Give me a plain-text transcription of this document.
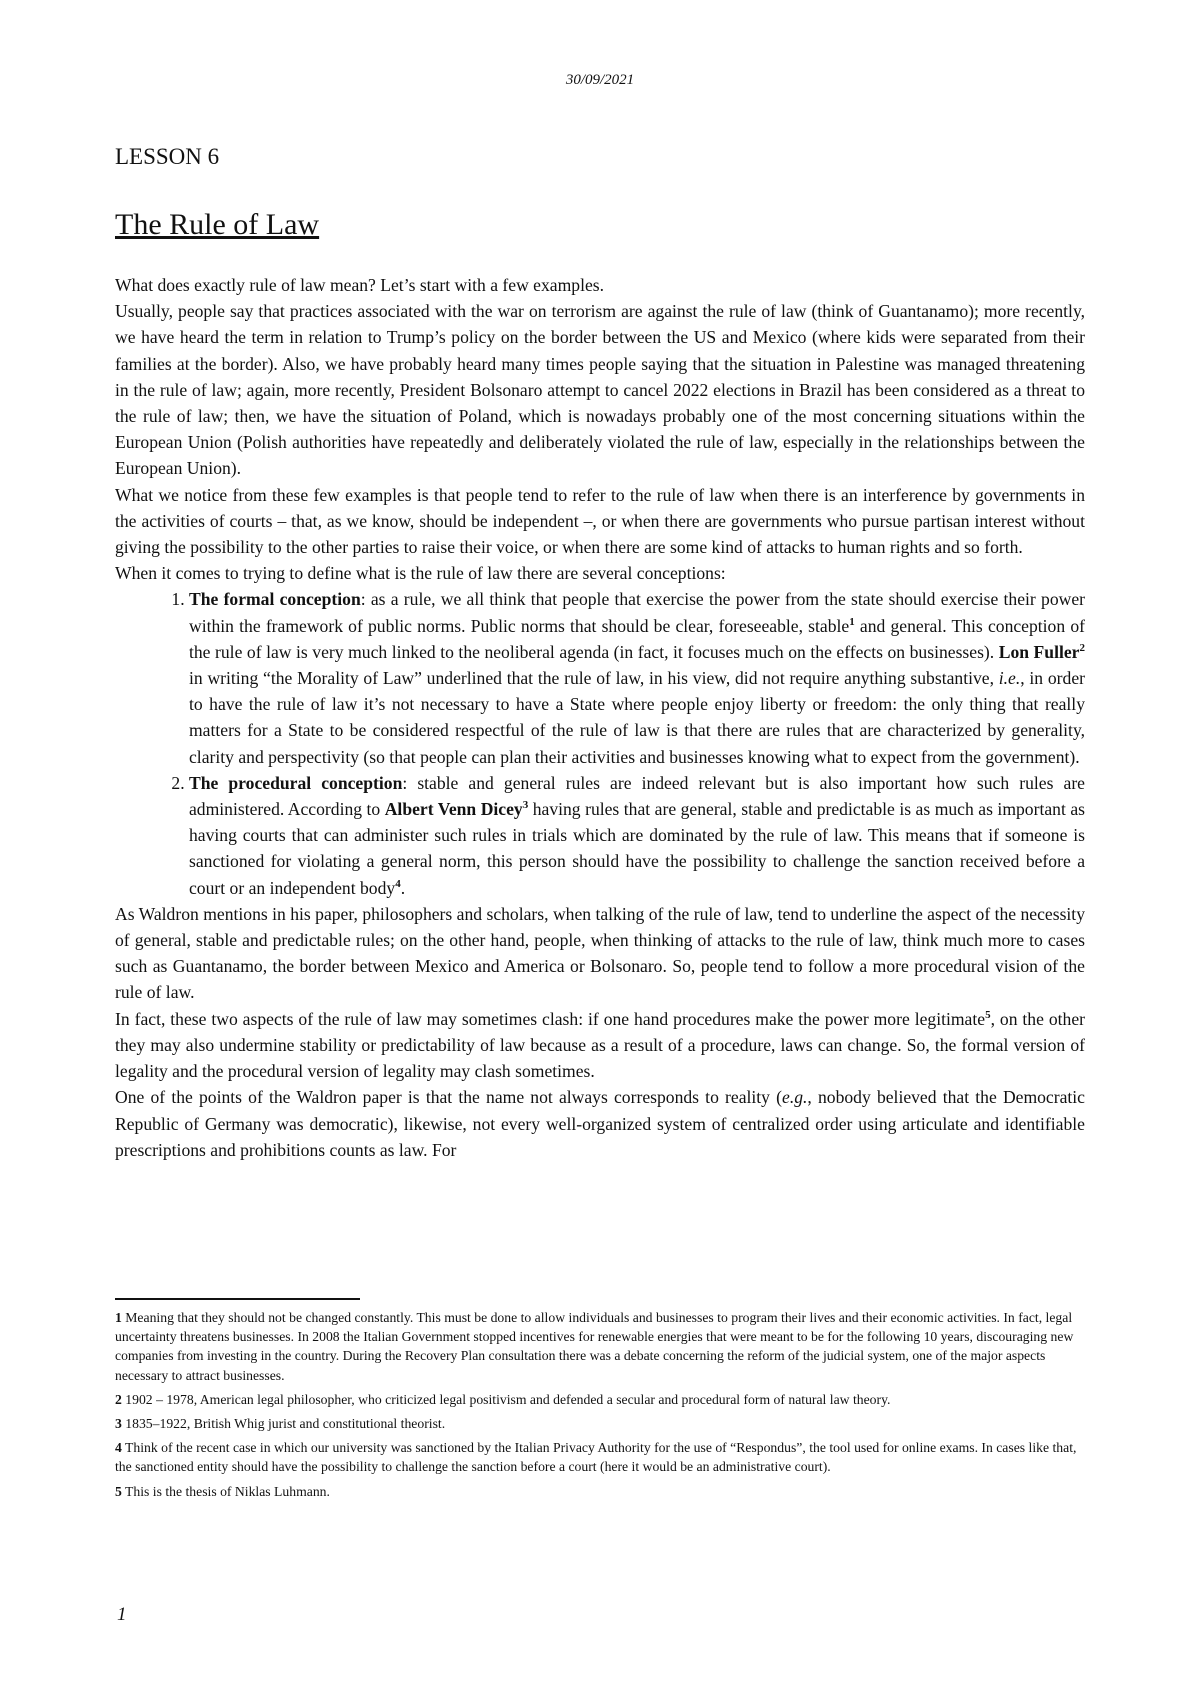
30/09/2021
LESSON 6
The Rule of Law

What does exactly rule of law mean? Let’s start with a few examples.

Usually, people say that practices associated with the war on terrorism are against the rule of law (think of Guantanamo); more recently, we have heard the term in relation to Trump’s policy on the border between the US and Mexico (where kids were separated from their families at the border). Also, we have probably heard many times people saying that the situation in Palestine was managed threatening in the rule of law; again, more recently, President Bolsonaro attempt to cancel 2022 elections in Brazil has been considered as a threat to the rule of law; then, we have the situation of Poland, which is nowadays probably one of the most concerning situations within the European Union (Polish authorities have repeatedly and deliberately violated the rule of law, especially in the relationships between the European Union).

What we notice from these few examples is that people tend to refer to the rule of law when there is an interference by governments in the activities of courts – that, as we know, should be independent –, or when there are governments who pursue partisan interest without giving the possibility to the other parties to raise their voice, or when there are some kind of attacks to human rights and so forth.

When it comes to trying to define what is the rule of law there are several conceptions:

1. The formal conception: as a rule, we all think that people that exercise the power from the state should exercise their power within the framework of public norms. Public norms that should be clear, foreseeable, stable$^1$ and general. This conception of the rule of law is very much linked to the neoliberal agenda (in fact, it focuses much on the effects on businesses). Lon Fuller$^2$ in writing “the Morality of Law” underlined that the rule of law, in his view, did not require anything substantive, i.e., in order to have the rule of law it’s not necessary to have a State where people enjoy liberty or freedom: the only thing that really matters for a State to be considered respectful of the rule of law is that there are rules that are characterized by generality, clarity and perspectivity (so that people can plan their activities and businesses knowing what to expect from the government).
2. The procedural conception: stable and general rules are indeed relevant but is also important how such rules are administered. According to Albert Venn Dicey$^3$ having rules that are general, stable and predictable is as much as important as having courts that can administer such rules in trials which are dominated by the rule of law. This means that if someone is sanctioned for violating a general norm, this person should have the possibility to challenge the sanction received before a court or an independent body$^4$.

As Waldron mentions in his paper, philosophers and scholars, when talking of the rule of law, tend to underline the aspect of the necessity of general, stable and predictable rules; on the other hand, people, when thinking of attacks to the rule of law, think much more to cases such as Guantanamo, the border between Mexico and America or Bolsonaro. So, people tend to follow a more procedural vision of the rule of law.

In fact, these two aspects of the rule of law may sometimes clash: if one hand procedures make the power more legitimate$^5$, on the other they may also undermine stability or predictability of law because as a result of a procedure, laws can change. So, the formal version of legality and the procedural version of legality may clash sometimes.

One of the points of the Waldron paper is that the name not always corresponds to reality (e.g., nobody believed that the Democratic Republic of Germany was democratic), likewise, not every well-organized system of centralized order using articulate and identifiable prescriptions and prohibitions counts as law. For

1 Meaning that they should not be changed constantly. This must be done to allow individuals and businesses to program their lives and their economic activities. In fact, legal uncertainty threatens businesses. In 2008 the Italian Government stopped incentives for renewable energies that were meant to be for the following 10 years, discouraging new companies from investing in the country. During the Recovery Plan consultation there was a debate concerning the reform of the judicial system, one of the major aspects necessary to attract businesses.

2 1902 – 1978, American legal philosopher, who criticized legal positivism and defended a secular and procedural form of natural law theory.

3 1835–1922, British Whig jurist and constitutional theorist.

4 Think of the recent case in which our university was sanctioned by the Italian Privacy Authority for the use of “Respondus”, the tool used for online exams. In cases like that, the sanctioned entity should have the possibility to challenge the sanction before a court (here it would be an administrative court).

5 This is the thesis of Niklas Luhmann.

1
